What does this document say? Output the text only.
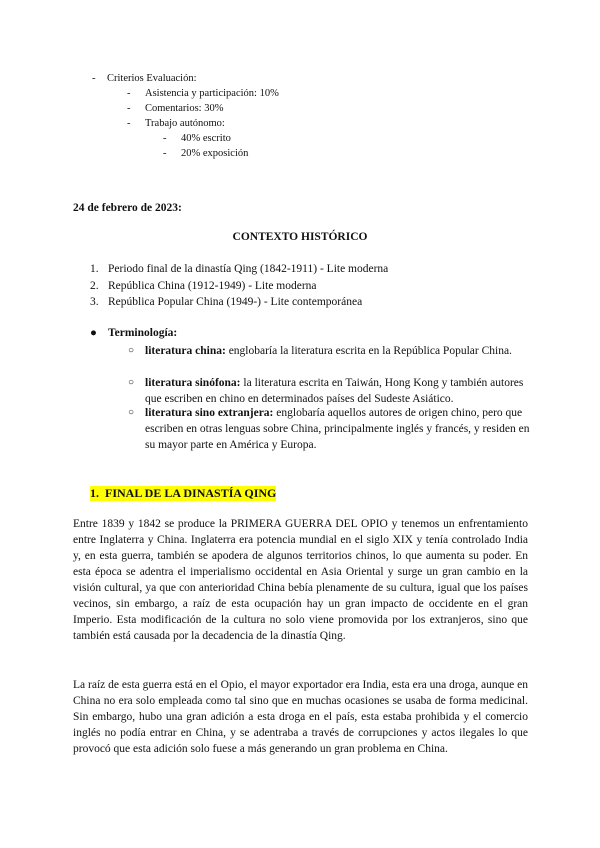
- Criterios Evaluación:
- Asistencia y participación: 10%
- Comentarios: 30%
- Trabajo autónomo:
- 40% escrito
- 20% exposición
24 de febrero de 2023:
CONTEXTO HISTÓRICO
1. Periodo final de la dinastía Qing (1842-1911) - Lite moderna
2. República China (1912-1949) - Lite moderna
3. República Popular China (1949-) - Lite contemporánea
● Terminología:
○ literatura china: englobaría la literatura escrita en la República Popular China.
○ literatura sinófona: la literatura escrita en Taiwán, Hong Kong y también autores que escriben en chino en determinados países del Sudeste Asiático.
○ literatura sino extranjera: englobaría aquellos autores de origen chino, pero que escriben en otras lenguas sobre China, principalmente inglés y francés, y residen en su mayor parte en América y Europa.
1. FINAL DE LA DINASTÍA QING
Entre 1839 y 1842 se produce la PRIMERA GUERRA DEL OPIO y tenemos un enfrentamiento entre Inglaterra y China. Inglaterra era potencia mundial en el siglo XIX y tenía controlado India y, en esta guerra, también se apodera de algunos territorios chinos, lo que aumenta su poder. En esta época se adentra el imperialismo occidental en Asia Oriental y surge un gran cambio en la visión cultural, ya que con anterioridad China bebía plenamente de su cultura, igual que los países vecinos, sin embargo, a raíz de esta ocupación hay un gran impacto de occidente en el gran Imperio. Esta modificación de la cultura no solo viene promovida por los extranjeros, sino que también está causada por la decadencia de la dinastía Qing.
La raíz de esta guerra está en el Opio, el mayor exportador era India, esta era una droga, aunque en China no era solo empleada como tal sino que en muchas ocasiones se usaba de forma medicinal. Sin embargo, hubo una gran adición a esta droga en el país, esta estaba prohibida y el comercio inglés no podía entrar en China, y se adentraba a través de corrupciones y actos ilegales lo que provocó que esta adición solo fuese a más generando un gran problema en China.
